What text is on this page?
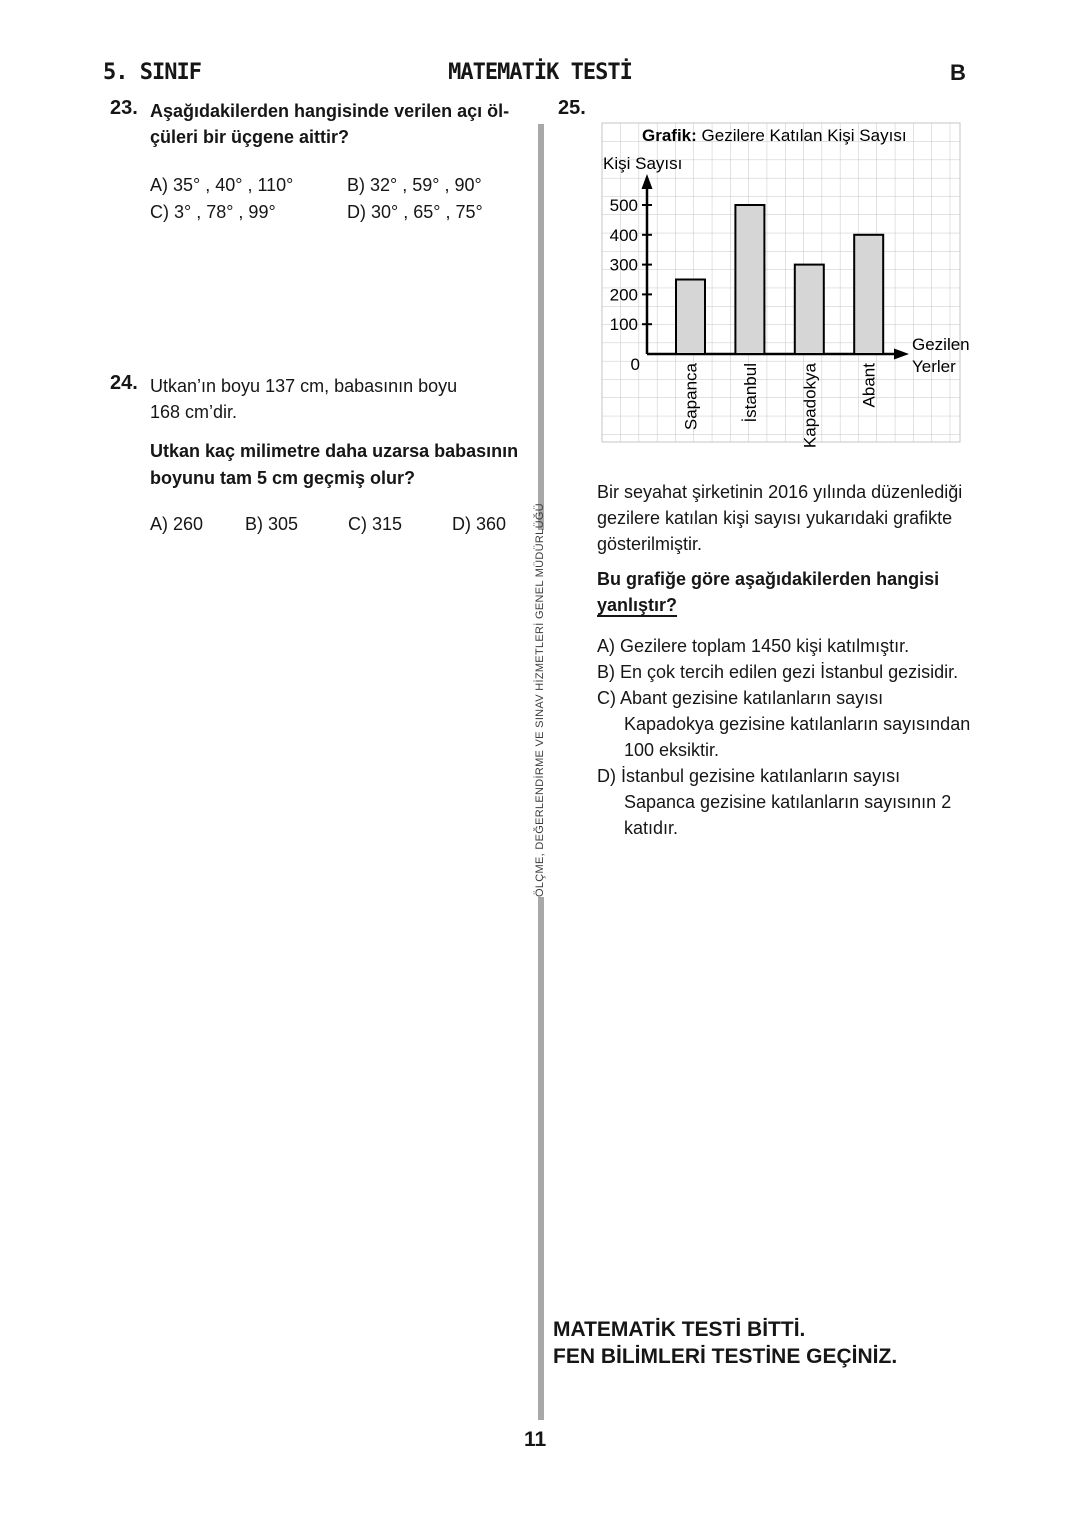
5. SINIF	MATEMATİK TESTİ	B
23. Aşağıdakilerden hangisinde verilen açı öl-
çüleri bir üçgene aittir?
A) 35° , 40° , 110°	B) 32° , 59° , 90°
C) 3° , 78° , 99°	D) 30° , 65° , 75°
24. Utkan’ın boyu 137 cm, babasının boyu
168 cm’dir.
Utkan kaç milimetre daha uzarsa babasının
boyunu tam 5 cm geçmiş olur?
A) 260 B) 305	C) 315	D) 360
25.
Grafik: Gezilere Katılan Kişi Sayısı
Kişi Sayısı
0
100
200
300
400
500
Sapanca İstanbul Kapadokya Abant
Gezilen
Yerler
Bir seyahat şirketinin 2016 yılında düzenlediği
gezilere katılan kişi sayısı yukarıdaki grafikte
gösterilmiştir.
Bu grafiğe göre aşağıdakilerden hangisi
yanlıştır?
A) Gezilere toplam 1450 kişi katılmıştır.
B) En çok tercih edilen gezi İstanbul gezisidir.
C) Abant gezisine katılanların sayısı
Kapadokya gezisine katılanların sayısından
100 eksiktir.
D) İstanbul gezisine katılanların sayısı
Sapanca gezisine katılanların sayısının 2
katıdır.
ÖLÇME, DEĞERLENDİRME VE SINAV HİZMETLERİ GENEL MÜDÜRLÜĞÜ
MATEMATİK TESTİ BİTTİ.
FEN BİLİMLERİ TESTİNE GEÇİNİZ.
11
